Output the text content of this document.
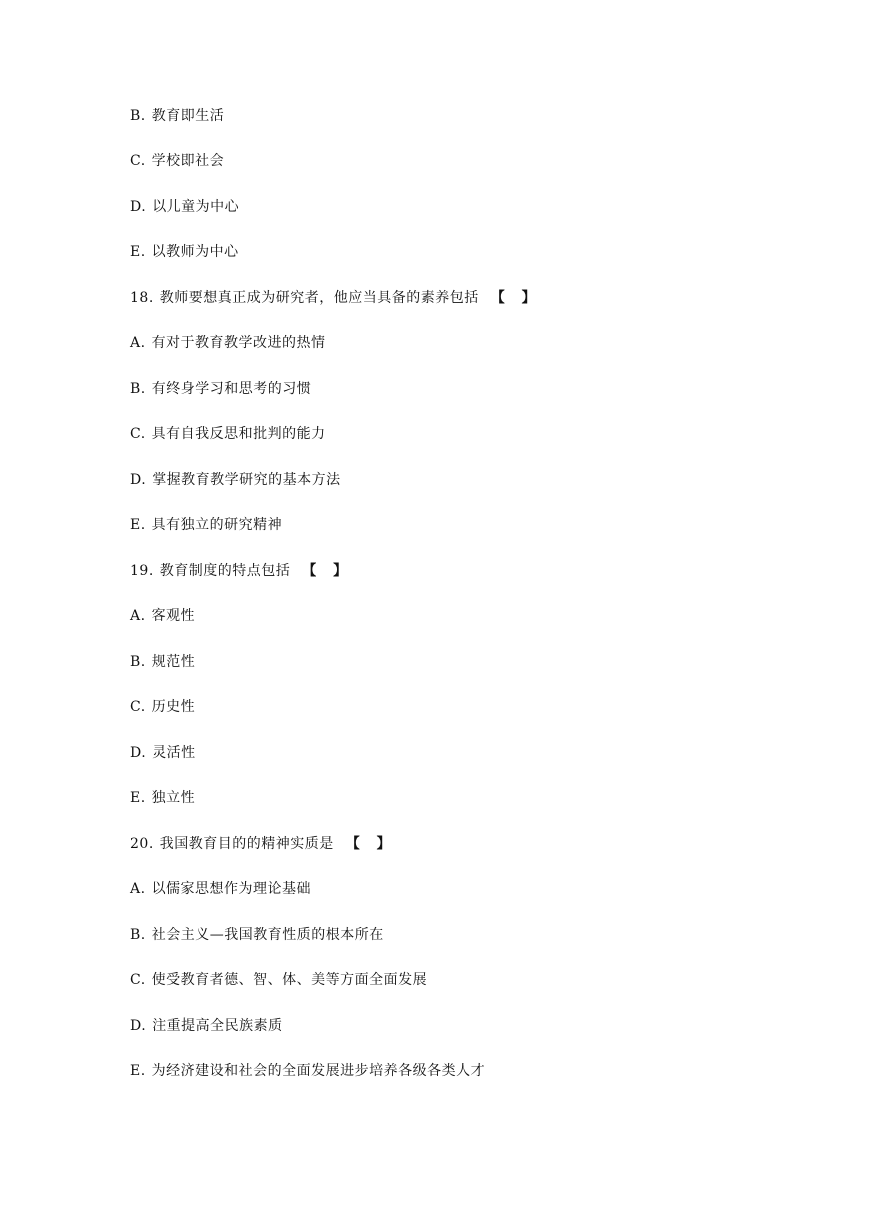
B. 教育即生活
C. 学校即社会
D. 以儿童为中心
E. 以教师为中心
18. 教师要想真正成为研究者，他应当具备的素养包括 【 】
A. 有对于教育教学改进的热情
B. 有终身学习和思考的习惯
C. 具有自我反思和批判的能力
D. 掌握教育教学研究的基本方法
E. 具有独立的研究精神
19. 教育制度的特点包括 【 】
A. 客观性
B. 规范性
C. 历史性
D. 灵活性
E. 独立性
20. 我国教育目的的精神实质是 【 】
A. 以儒家思想作为理论基础
B. 社会主义—我国教育性质的根本所在
C. 使受教育者德、智、体、美等方面全面发展
D. 注重提高全民族素质
E. 为经济建设和社会的全面发展进步培养各级各类人才
